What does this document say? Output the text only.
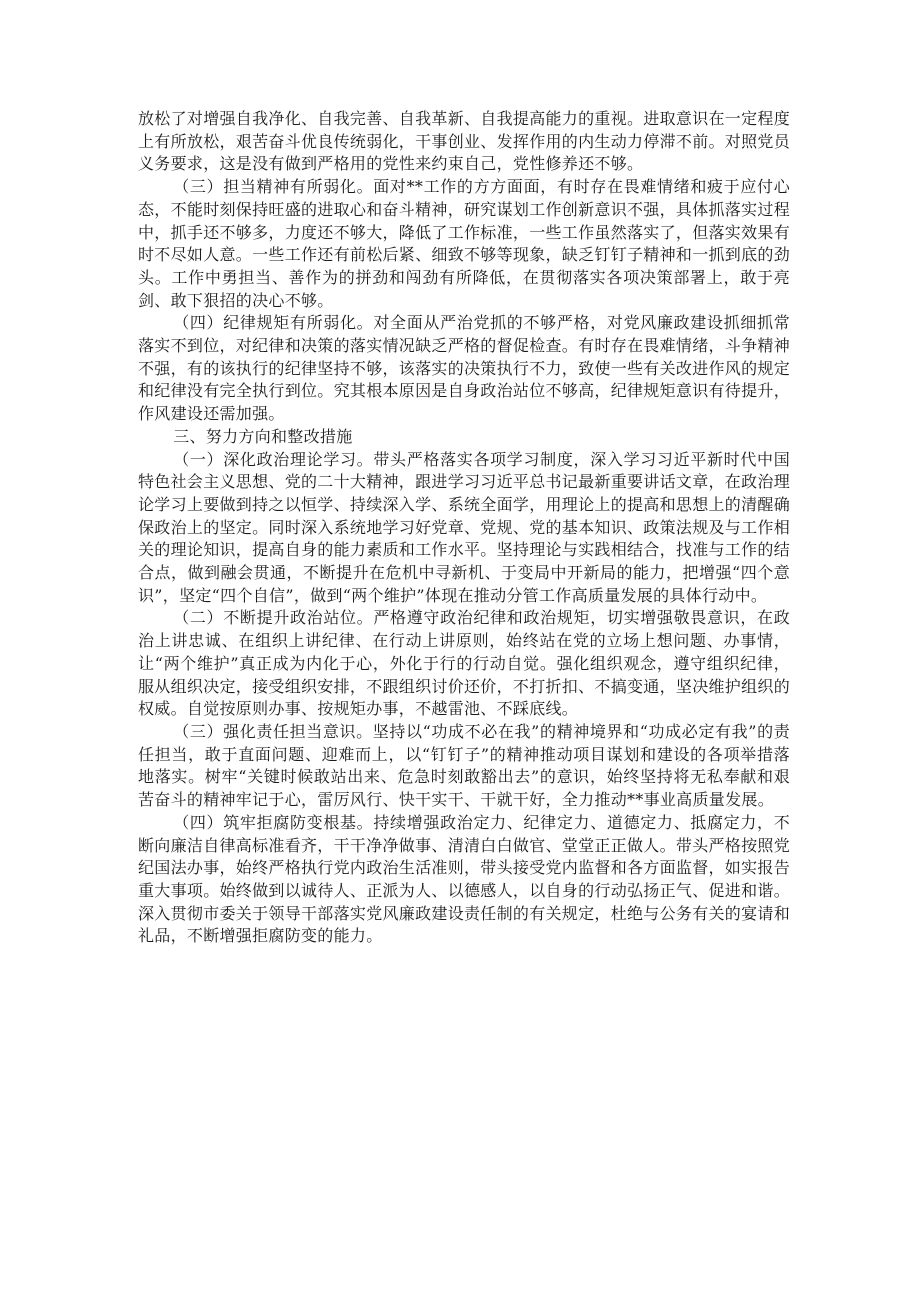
放松了对增强自我净化、自我完善、自我革新、自我提高能力的重视。进取意识在一定程度上有所放松，艰苦奋斗优良传统弱化，干事创业、发挥作用的内生动力停滞不前。对照党员义务要求，这是没有做到严格用的党性来约束自己，党性修养还不够。

（三）担当精神有所弱化。面对**工作的方方面面，有时存在畏难情绪和疲于应付心态，不能时刻保持旺盛的进取心和奋斗精神，研究谋划工作创新意识不强，具体抓落实过程中，抓手还不够多，力度还不够大，降低了工作标准，一些工作虽然落实了，但落实效果有时不尽如人意。一些工作还有前松后紧、细致不够等现象，缺乏钉钉子精神和一抓到底的劲头。工作中勇担当、善作为的拼劲和闯劲有所降低，在贯彻落实各项决策部署上，敢于亮剑、敢下狠招的决心不够。

（四）纪律规矩有所弱化。对全面从严治党抓的不够严格，对党风廉政建设抓细抓常落实不到位，对纪律和决策的落实情况缺乏严格的督促检查。有时存在畏难情绪，斗争精神不强，有的该执行的纪律坚持不够，该落实的决策执行不力，致使一些有关改进作风的规定和纪律没有完全执行到位。究其根本原因是自身政治站位不够高，纪律规矩意识有待提升，作风建设还需加强。

三、努力方向和整改措施

（一）深化政治理论学习。带头严格落实各项学习制度，深入学习习近平新时代中国特色社会主义思想、党的二十大精神，跟进学习习近平总书记最新重要讲话文章，在政治理论学习上要做到持之以恒学、持续深入学、系统全面学，用理论上的提高和思想上的清醒确保政治上的坚定。同时深入系统地学习好党章、党规、党的基本知识、政策法规及与工作相关的理论知识，提高自身的能力素质和工作水平。坚持理论与实践相结合，找准与工作的结合点，做到融会贯通，不断提升在危机中寻新机、于变局中开新局的能力，把增强“四个意识”，坚定“四个自信”，做到“两个维护”体现在推动分管工作高质量发展的具体行动中。

（二）不断提升政治站位。严格遵守政治纪律和政治规矩，切实增强敬畏意识，在政治上讲忠诚、在组织上讲纪律、在行动上讲原则，始终站在党的立场上想问题、办事情，让“两个维护”真正成为内化于心，外化于行的行动自觉。强化组织观念，遵守组织纪律，服从组织决定，接受组织安排，不跟组织讨价还价，不打折扣、不搞变通，坚决维护组织的权威。自觉按原则办事、按规矩办事，不越雷池、不踩底线。

（三）强化责任担当意识。坚持以“功成不必在我”的精神境界和“功成必定有我”的责任担当，敢于直面问题、迎难而上，以“钉钉子”的精神推动项目谋划和建设的各项举措落地落实。树牢“关键时候敢站出来、危急时刻敢豁出去”的意识，始终坚持将无私奉献和艰苦奋斗的精神牢记于心，雷厉风行、快干实干、干就干好，全力推动**事业高质量发展。

（四）筑牢拒腐防变根基。持续增强政治定力、纪律定力、道德定力、抵腐定力，不断向廉洁自律高标准看齐，干干净净做事、清清白白做官、堂堂正正做人。带头严格按照党纪国法办事，始终严格执行党内政治生活准则，带头接受党内监督和各方面监督，如实报告重大事项。始终做到以诚待人、正派为人、以德感人，以自身的行动弘扬正气、促进和谐。深入贯彻市委关于领导干部落实党风廉政建设责任制的有关规定，杜绝与公务有关的宴请和礼品，不断增强拒腐防变的能力。
